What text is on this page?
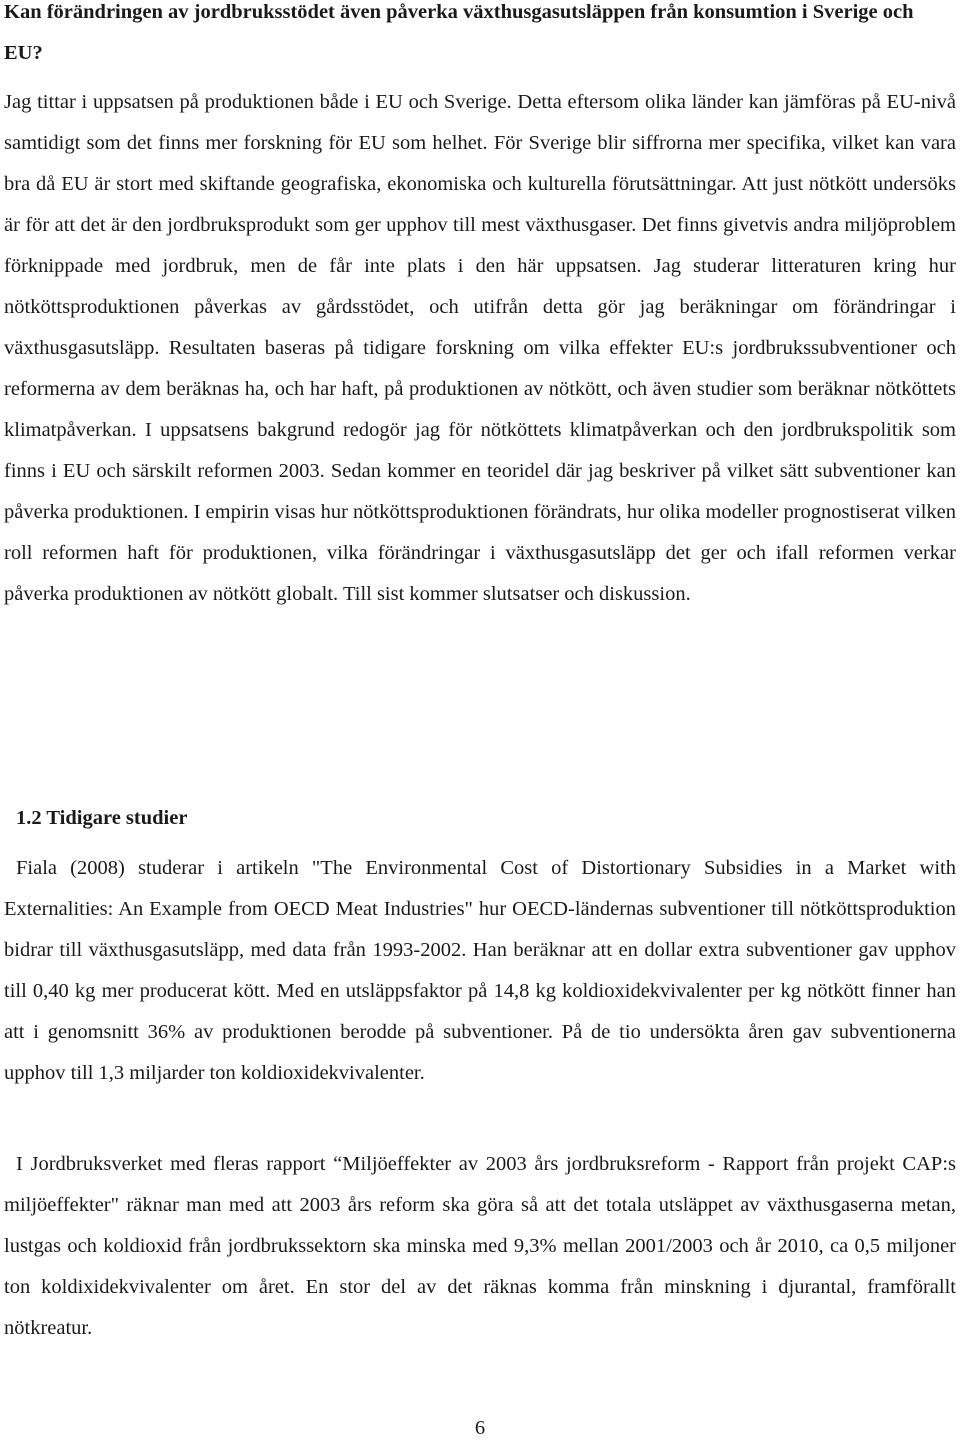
Kan förändringen av jordbruksstödet även påverka växthusgasutsläppen från konsumtion i Sverige och EU?

Jag tittar i uppsatsen på produktionen både i EU och Sverige. Detta eftersom olika länder kan jämföras på EU-nivå samtidigt som det finns mer forskning för EU som helhet. För Sverige blir siffrorna mer specifika, vilket kan vara bra då EU är stort med skiftande geografiska, ekonomiska och kulturella förutsättningar. Att just nötkött undersöks är för att det är den jordbruksprodukt som ger upphov till mest växthusgaser. Det finns givetvis andra miljöproblem förknippade med jordbruk, men de får inte plats i den här uppsatsen. Jag studerar litteraturen kring hur nötköttsproduktionen påverkas av gårdsstödet, och utifrån detta gör jag beräkningar om förändringar i växthusgasutsläpp. Resultaten baseras på tidigare forskning om vilka effekter EU:s jordbrukssubventioner och reformerna av dem beräknas ha, och har haft, på produktionen av nötkött, och även studier som beräknar nötköttets klimatpåverkan. I uppsatsens bakgrund redogör jag för nötköttets klimatpåverkan och den jordbrukspolitik som finns i EU och särskilt reformen 2003. Sedan kommer en teoridel där jag beskriver på vilket sätt subventioner kan påverka produktionen. I empirin visas hur nötköttsproduktionen förändrats, hur olika modeller prognostiserat vilken roll reformen haft för produktionen, vilka förändringar i växthusgasutsläpp det ger och ifall reformen verkar påverka produktionen av nötkött globalt. Till sist kommer slutsatser och diskussion.

1.2 Tidigare studier

Fiala (2008) studerar i artikeln "The Environmental Cost of Distortionary Subsidies in a Market with Externalities: An Example from OECD Meat Industries" hur OECD-ländernas subventioner till nötköttsproduktion bidrar till växthusgasutsläpp, med data från 1993-2002. Han beräknar att en dollar extra subventioner gav upphov till 0,40 kg mer producerat kött. Med en utsläppsfaktor på 14,8 kg koldioxidekvivalenter per kg nötkött finner han att i genomsnitt 36% av produktionen berodde på subventioner. På de tio undersökta åren gav subventionerna upphov till 1,3 miljarder ton koldioxidekvivalenter.

I Jordbruksverket med fleras rapport “Miljöeffekter av 2003 års jordbruksreform - Rapport från projekt CAP:s miljöeffekter" räknar man med att 2003 års reform ska göra så att det totala utsläppet av växthusgaserna metan, lustgas och koldioxid från jordbrukssektorn ska minska med 9,3% mellan 2001/2003 och år 2010, ca 0,5 miljoner ton koldixidekvivalenter om året. En stor del av det räknas komma från minskning i djurantal, framförallt nötkreatur.

6
